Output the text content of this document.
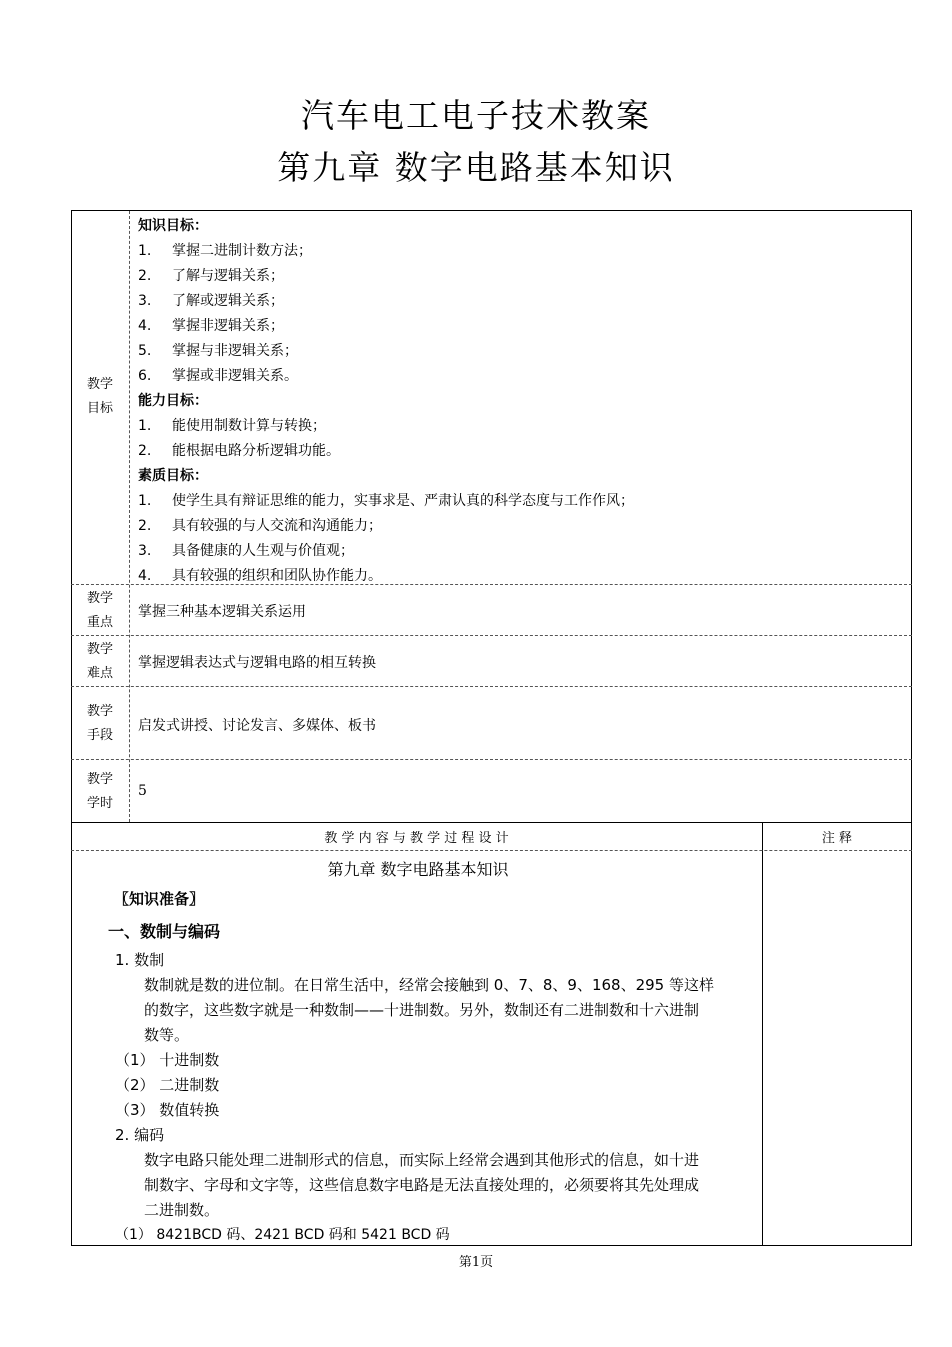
汽车电工电子技术教案
第九章 数字电路基本知识
教学
目标
知识目标：
1. 掌握二进制计数方法；
2. 了解与逻辑关系；
3. 了解或逻辑关系；
4. 掌握非逻辑关系；
5. 掌握与非逻辑关系；
6. 掌握或非逻辑关系。
能力目标：
1. 能使用制数计算与转换；
2. 能根据电路分析逻辑功能。
素质目标：
1. 使学生具有辩证思维的能力，实事求是、严肃认真的科学态度与工作作风；
2. 具有较强的与人交流和沟通能力；
3. 具备健康的人生观与价值观；
4. 具有较强的组织和团队协作能力。
教学
重点
掌握三种基本逻辑关系运用
教学
难点
掌握逻辑表达式与逻辑电路的相互转换
教学
手段
启发式讲授、讨论发言、多媒体、板书
教学
学时
5
教 学 内 容 与 教 学 过 程 设 计	注 释
第九章 数字电路基本知识
〖知识准备〗
一、数制与编码
1. 数制
数制就是数的进位制。在日常生活中，经常会接触到 0、7、8、9、168、295 等这样
的数字，这些数字就是一种数制——十进制数。另外，数制还有二进制数和十六进制
数等。
（1） 十进制数
（2） 二进制数
（3） 数值转换
2. 编码
数字电路只能处理二进制形式的信息，而实际上经常会遇到其他形式的信息，如十进
制数字、字母和文字等，这些信息数字电路是无法直接处理的，必须要将其先处理成
二进制数。
（1） 8421BCD 码、2421 BCD 码和 5421 BCD 码
第1页
